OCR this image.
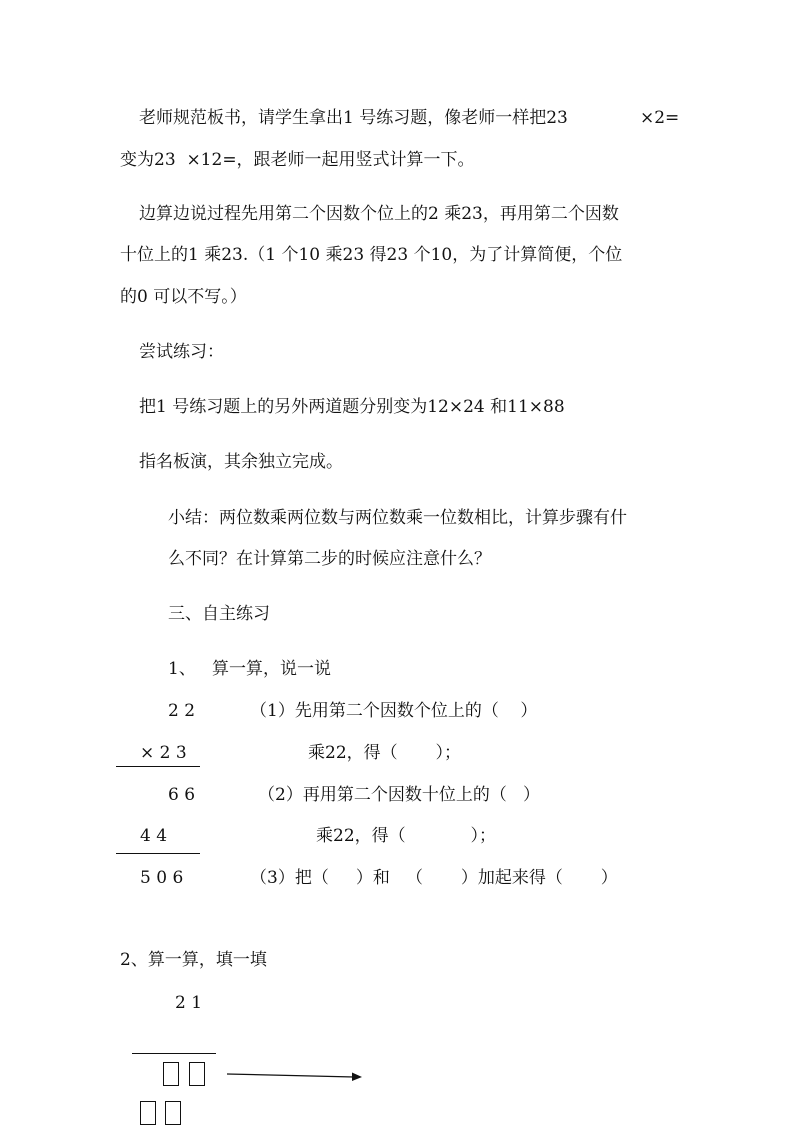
老师规范板书，请学生拿出1 号练习题，像老师一样把23	×2=
变为23  ×12=，跟老师一起用竖式计算一下。
边算边说过程先用第二个因数个位上的2 乘23，再用第二个因数
十位上的1 乘23.（1 个10 乘23 得23 个10，为了计算简便，个位
的0 可以不写。）
尝试练习：
把1 号练习题上的另外两道题分别变为12×24 和11×88
指名板演，其余独立完成。
小结：两位数乘两位数与两位数乘一位数相比，计算步骤有什
么不同？在计算第二步的时候应注意什么？
三、自主练习
1、   算一算，说一说
2 2	（1）先用第二个因数个位上的（    ）
× 2 3	乘22，得（       ）；
6 6	（2）再用第二个因数十位上的（   ）
4 4	乘22，得（            ）；
5 0 6	（3）把（     ）和   （       ）加起来得（       ）
2、算一算，填一填
2 1
